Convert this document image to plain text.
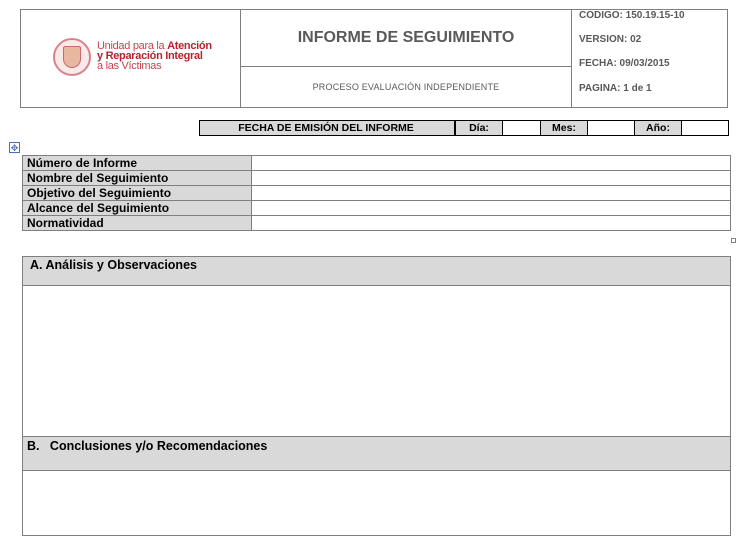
Unidad para la Atención
y Reparación Integral
a las Víctimas
INFORME DE SEGUIMIENTO
PROCESO EVALUACIÓN INDEPENDIENTE
CODIGO: 150.19.15-10
VERSION: 02
FECHA: 09/03/2015
PAGINA: 1 de 1
FECHA DE EMISIÓN DEL INFORME	Día:	Mes:	Año:
✥
Número de Informe	
Nombre del Seguimiento	
Objetivo del Seguimiento	
Alcance del Seguimiento	
Normatividad	
A. Análisis y Observaciones
B.   Conclusiones y/o Recomendaciones
